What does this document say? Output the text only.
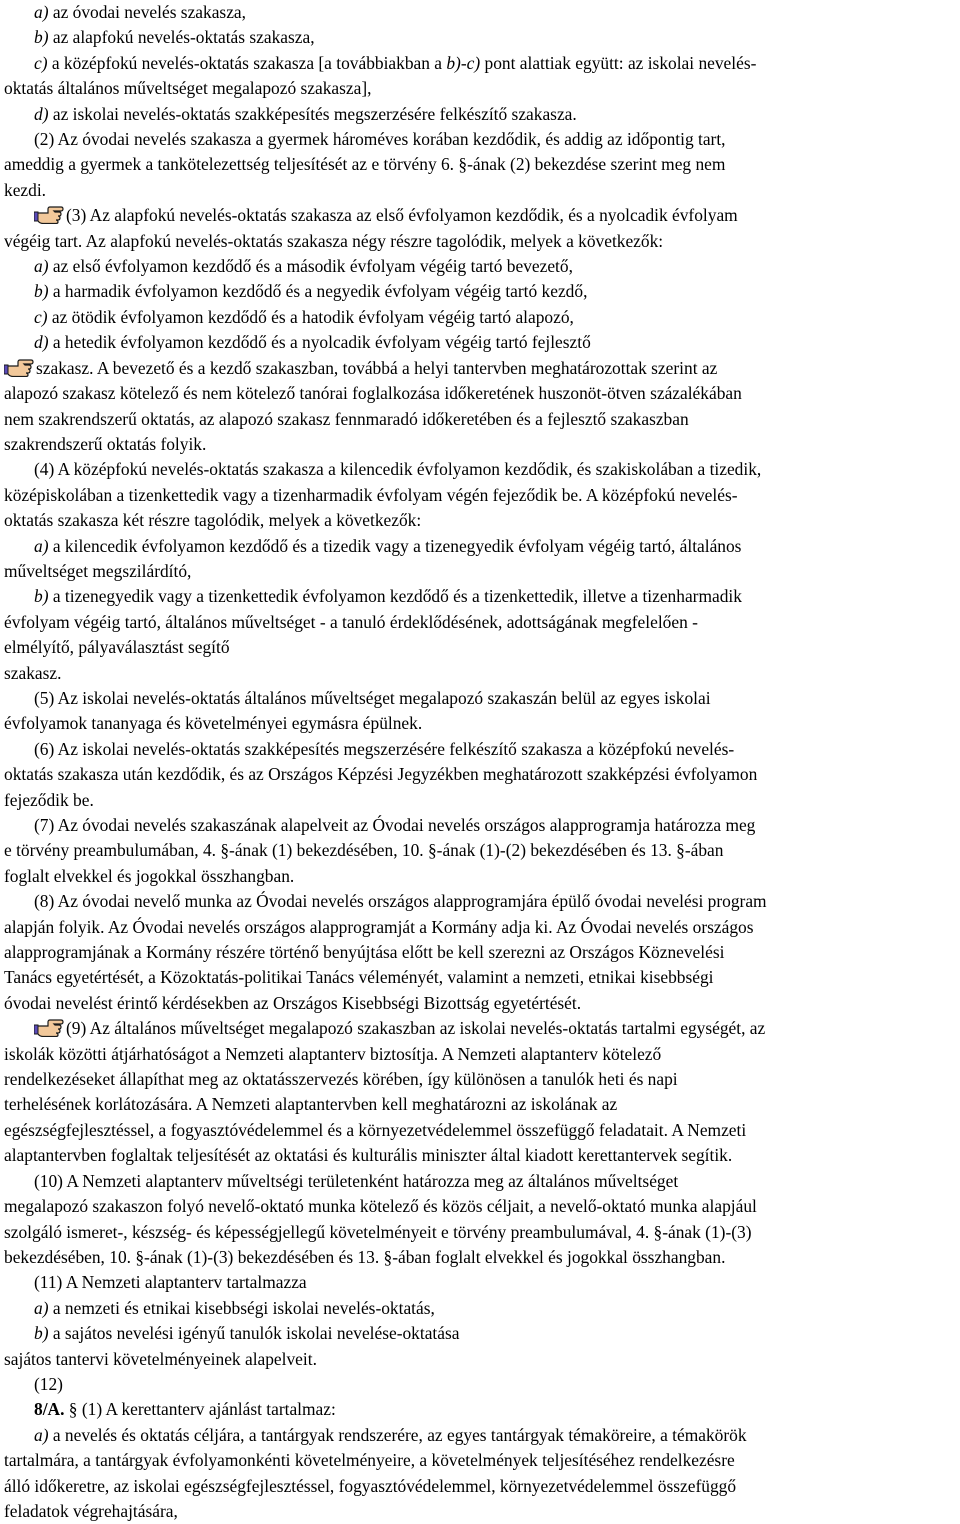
a) az óvodai nevelés szakasza,
b) az alapfokú nevelés-oktatás szakasza,
c) a középfokú nevelés-oktatás szakasza [a továbbiakban a b)-c) pont alattiak együtt: az iskolai nevelés-
oktatás általános műveltséget megalapozó szakasza],
d) az iskolai nevelés-oktatás szakképesítés megszerzésére felkészítő szakasza.
(2) Az óvodai nevelés szakasza a gyermek hároméves korában kezdődik, és addig az időpontig tart,
ameddig a gyermek a tankötelezettség teljesítését az e törvény 6. §-ának (2) bekezdése szerint meg nem
kezdi.
(3) Az alapfokú nevelés-oktatás szakasza az első évfolyamon kezdődik, és a nyolcadik évfolyam
végéig tart. Az alapfokú nevelés-oktatás szakasza négy részre tagolódik, melyek a következők:
a) az első évfolyamon kezdődő és a második évfolyam végéig tartó bevezető,
b) a harmadik évfolyamon kezdődő és a negyedik évfolyam végéig tartó kezdő,
c) az ötödik évfolyamon kezdődő és a hatodik évfolyam végéig tartó alapozó,
d) a hetedik évfolyamon kezdődő és a nyolcadik évfolyam végéig tartó fejlesztő
szakasz. A bevezető és a kezdő szakaszban, továbbá a helyi tantervben meghatározottak szerint az
alapozó szakasz kötelező és nem kötelező tanórai foglalkozása időkeretének huszonöt-ötven százalékában
nem szakrendszerű oktatás, az alapozó szakasz fennmaradó időkeretében és a fejlesztő szakaszban
szakrendszerű oktatás folyik.
(4) A középfokú nevelés-oktatás szakasza a kilencedik évfolyamon kezdődik, és szakiskolában a tizedik,
középiskolában a tizenkettedik vagy a tizenharmadik évfolyam végén fejeződik be. A középfokú nevelés-
oktatás szakasza két részre tagolódik, melyek a következők:
a) a kilencedik évfolyamon kezdődő és a tizedik vagy a tizenegyedik évfolyam végéig tartó, általános
műveltséget megszilárdító,
b) a tizenegyedik vagy a tizenkettedik évfolyamon kezdődő és a tizenkettedik, illetve a tizenharmadik
évfolyam végéig tartó, általános műveltséget - a tanuló érdeklődésének, adottságának megfelelően -
elmélyítő, pályaválasztást segítő
szakasz.
(5) Az iskolai nevelés-oktatás általános műveltséget megalapozó szakaszán belül az egyes iskolai
évfolyamok tananyaga és követelményei egymásra épülnek.
(6) Az iskolai nevelés-oktatás szakképesítés megszerzésére felkészítő szakasza a középfokú nevelés-
oktatás szakasza után kezdődik, és az Országos Képzési Jegyzékben meghatározott szakképzési évfolyamon
fejeződik be.
(7) Az óvodai nevelés szakaszának alapelveit az Óvodai nevelés országos alapprogramja határozza meg
e törvény preambulumában, 4. §-ának (1) bekezdésében, 10. §-ának (1)-(2) bekezdésében és 13. §-ában
foglalt elvekkel és jogokkal összhangban.
(8) Az óvodai nevelő munka az Óvodai nevelés országos alapprogramjára épülő óvodai nevelési program
alapján folyik. Az Óvodai nevelés országos alapprogramját a Kormány adja ki. Az Óvodai nevelés országos
alapprogramjának a Kormány részére történő benyújtása előtt be kell szerezni az Országos Köznevelési
Tanács egyetértését, a Közoktatás-politikai Tanács véleményét, valamint a nemzeti, etnikai kisebbségi
óvodai nevelést érintő kérdésekben az Országos Kisebbségi Bizottság egyetértését.
(9) Az általános műveltséget megalapozó szakaszban az iskolai nevelés-oktatás tartalmi egységét, az
iskolák közötti átjárhatóságot a Nemzeti alaptanterv biztosítja. A Nemzeti alaptanterv kötelező
rendelkezéseket állapíthat meg az oktatásszervezés körében, így különösen a tanulók heti és napi
terhelésének korlátozására. A Nemzeti alaptantervben kell meghatározni az iskolának az
egészségfejlesztéssel, a fogyasztóvédelemmel és a környezetvédelemmel összefüggő feladatait. A Nemzeti
alaptantervben foglaltak teljesítését az oktatási és kulturális miniszter által kiadott kerettantervek segítik.
(10) A Nemzeti alaptanterv műveltségi területenként határozza meg az általános műveltséget
megalapozó szakaszon folyó nevelő-oktató munka kötelező és közös céljait, a nevelő-oktató munka alapjául
szolgáló ismeret-, készség- és képességjellegű követelményeit e törvény preambulumával, 4. §-ának (1)-(3)
bekezdésében, 10. §-ának (1)-(3) bekezdésében és 13. §-ában foglalt elvekkel és jogokkal összhangban.
(11) A Nemzeti alaptanterv tartalmazza
a) a nemzeti és etnikai kisebbségi iskolai nevelés-oktatás,
b) a sajátos nevelési igényű tanulók iskolai nevelése-oktatása
sajátos tantervi követelményeinek alapelveit.
(12)
8/A. § (1) A kerettanterv ajánlást tartalmaz:
a) a nevelés és oktatás céljára, a tantárgyak rendszerére, az egyes tantárgyak témaköreire, a témakörök
tartalmára, a tantárgyak évfolyamonkénti követelményeire, a követelmények teljesítéséhez rendelkezésre
álló időkeretre, az iskolai egészségfejlesztéssel, fogyasztóvédelemmel, környezetvédelemmel összefüggő
feladatok végrehajtására,
